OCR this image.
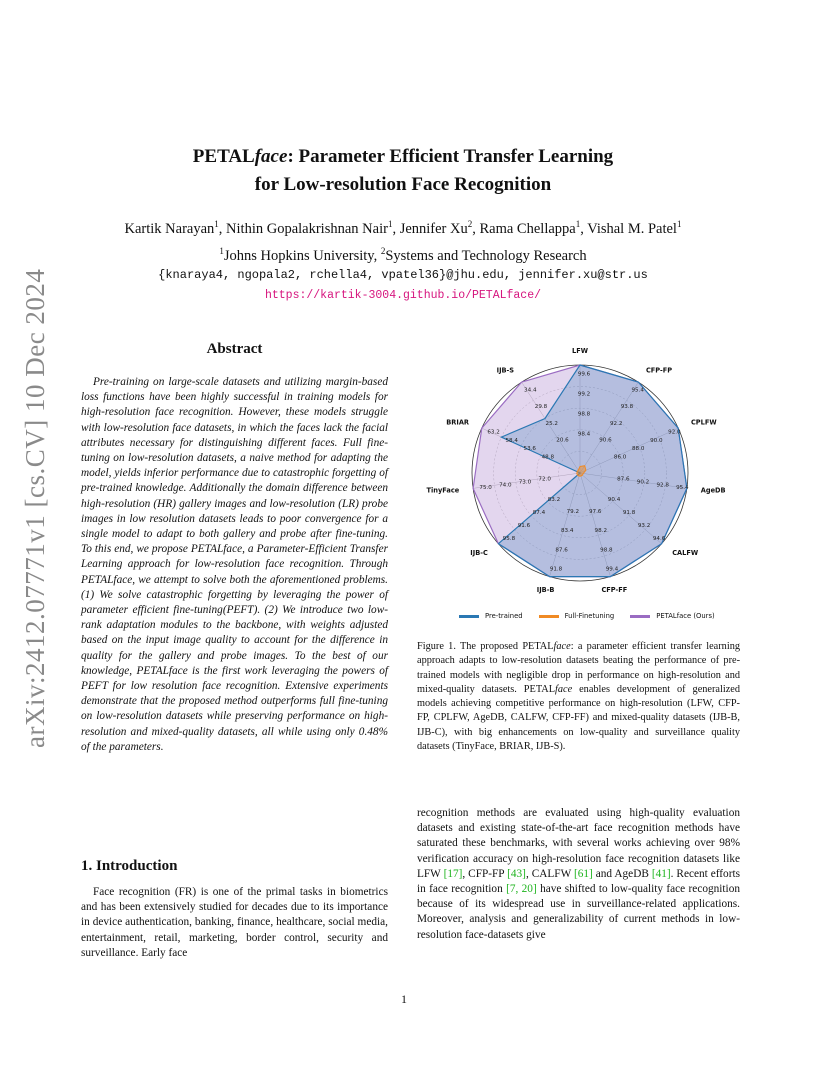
arXiv:2412.07771v1 [cs.CV] 10 Dec 2024
PETALface: Parameter Efficient Transfer Learning
for Low-resolution Face Recognition
Kartik Narayan$^1$, Nithin Gopalakrishnan Nair$^1$, Jennifer Xu$^2$, Rama Chellappa$^1$, Vishal M. Patel$^1$
$^1$Johns Hopkins University, $^2$Systems and Technology Research
{knaraya4, ngopala2, rchella4, vpatel36}@jhu.edu, jennifer.xu@str.us
https://kartik-3004.github.io/PETALface/
Abstract
Pre-training on large-scale datasets and utilizing margin-based loss functions have been highly successful in training models for high-resolution face recognition. However, these models struggle with low-resolution face datasets, in which the faces lack the facial attributes necessary for distinguishing different faces. Full fine-tuning on low-resolution datasets, a naive method for adapting the model, yields inferior performance due to catastrophic forgetting of pre-trained knowledge. Additionally the domain difference between high-resolution (HR) gallery images and low-resolution (LR) probe images in low resolution datasets leads to poor convergence for a single model to adapt to both gallery and probe after fine-tuning. To this end, we propose PETALface, a Parameter-Efficient Transfer Learning approach for low-resolution face recognition. Through PETALface, we attempt to solve both the aforementioned problems. (1) We solve catastrophic forgetting by leveraging the power of parameter efficient fine-tuning(PEFT). (2) We introduce two low-rank adaptation modules to the backbone, with weights adjusted based on the input image quality to account for the difference in quality for the gallery and probe images. To the best of our knowledge, PETALface is the first work leveraging the powers of PEFT for low resolution face recognition. Extensive experiments demonstrate that the proposed method outperforms full fine-tuning on low-resolution datasets while preserving performance on high-resolution and mixed-quality datasets, all while using only 0.48% of the parameters.
1. Introduction
Face recognition (FR) is one of the primal tasks in biometrics and has been extensively studied for decades due to its importance in device authentication, banking, finance, healthcare, social media, entertainment, retail, marketing, border control, security and surveillance. Early face
99.6
99.2
98.8
98.4
95.4
93.8
92.2
90.6
92.0
90.0
88.0
86.0
95.4
92.8
90.2
87.6
94.6
93.2
91.8
90.4
99.4
98.8
98.2
97.6
91.8
87.6
83.4
79.2
95.8
91.6
87.4
83.2
75.0 74.0 73.0 72.0
63.2
58.4
53.6
48.8
34.4
29.8
25.2
20.6
LFW
CFP-FP
CPLFW
AgeDB
CALFW
CFP-FF
IJB-B
IJB-C
TinyFace
BRIAR
IJB-S
Pre-trained	Full-Finetuning	PETALface (Ours)
Figure 1. The proposed PETALface: a parameter efficient transfer learning approach adapts to low-resolution datasets beating the performance of pre-trained models with negligible drop in performance on high-resolution and mixed-quality datasets. PETALface enables development of generalized models achieving competitive performance on high-resolution (LFW, CFP-FP, CPLFW, AgeDB, CALFW, CFP-FF) and mixed-quality datasets (IJB-B, IJB-C), with big enhancements on low-quality and surveillance quality datasets (TinyFace, BRIAR, IJB-S).
recognition methods are evaluated using high-quality evaluation datasets and existing state-of-the-art face recognition methods have saturated these benchmarks, with several works achieving over 98% verification accuracy on high-resolution face recognition datasets like LFW [17], CFP-FP [43], CALFW [61] and AgeDB [41]. Recent efforts in face recognition [7, 20] have shifted to low-quality face recognition because of its widespread use in surveillance-related applications. Moreover, analysis and generalizability of current methods in low-resolution face-datasets give
1
